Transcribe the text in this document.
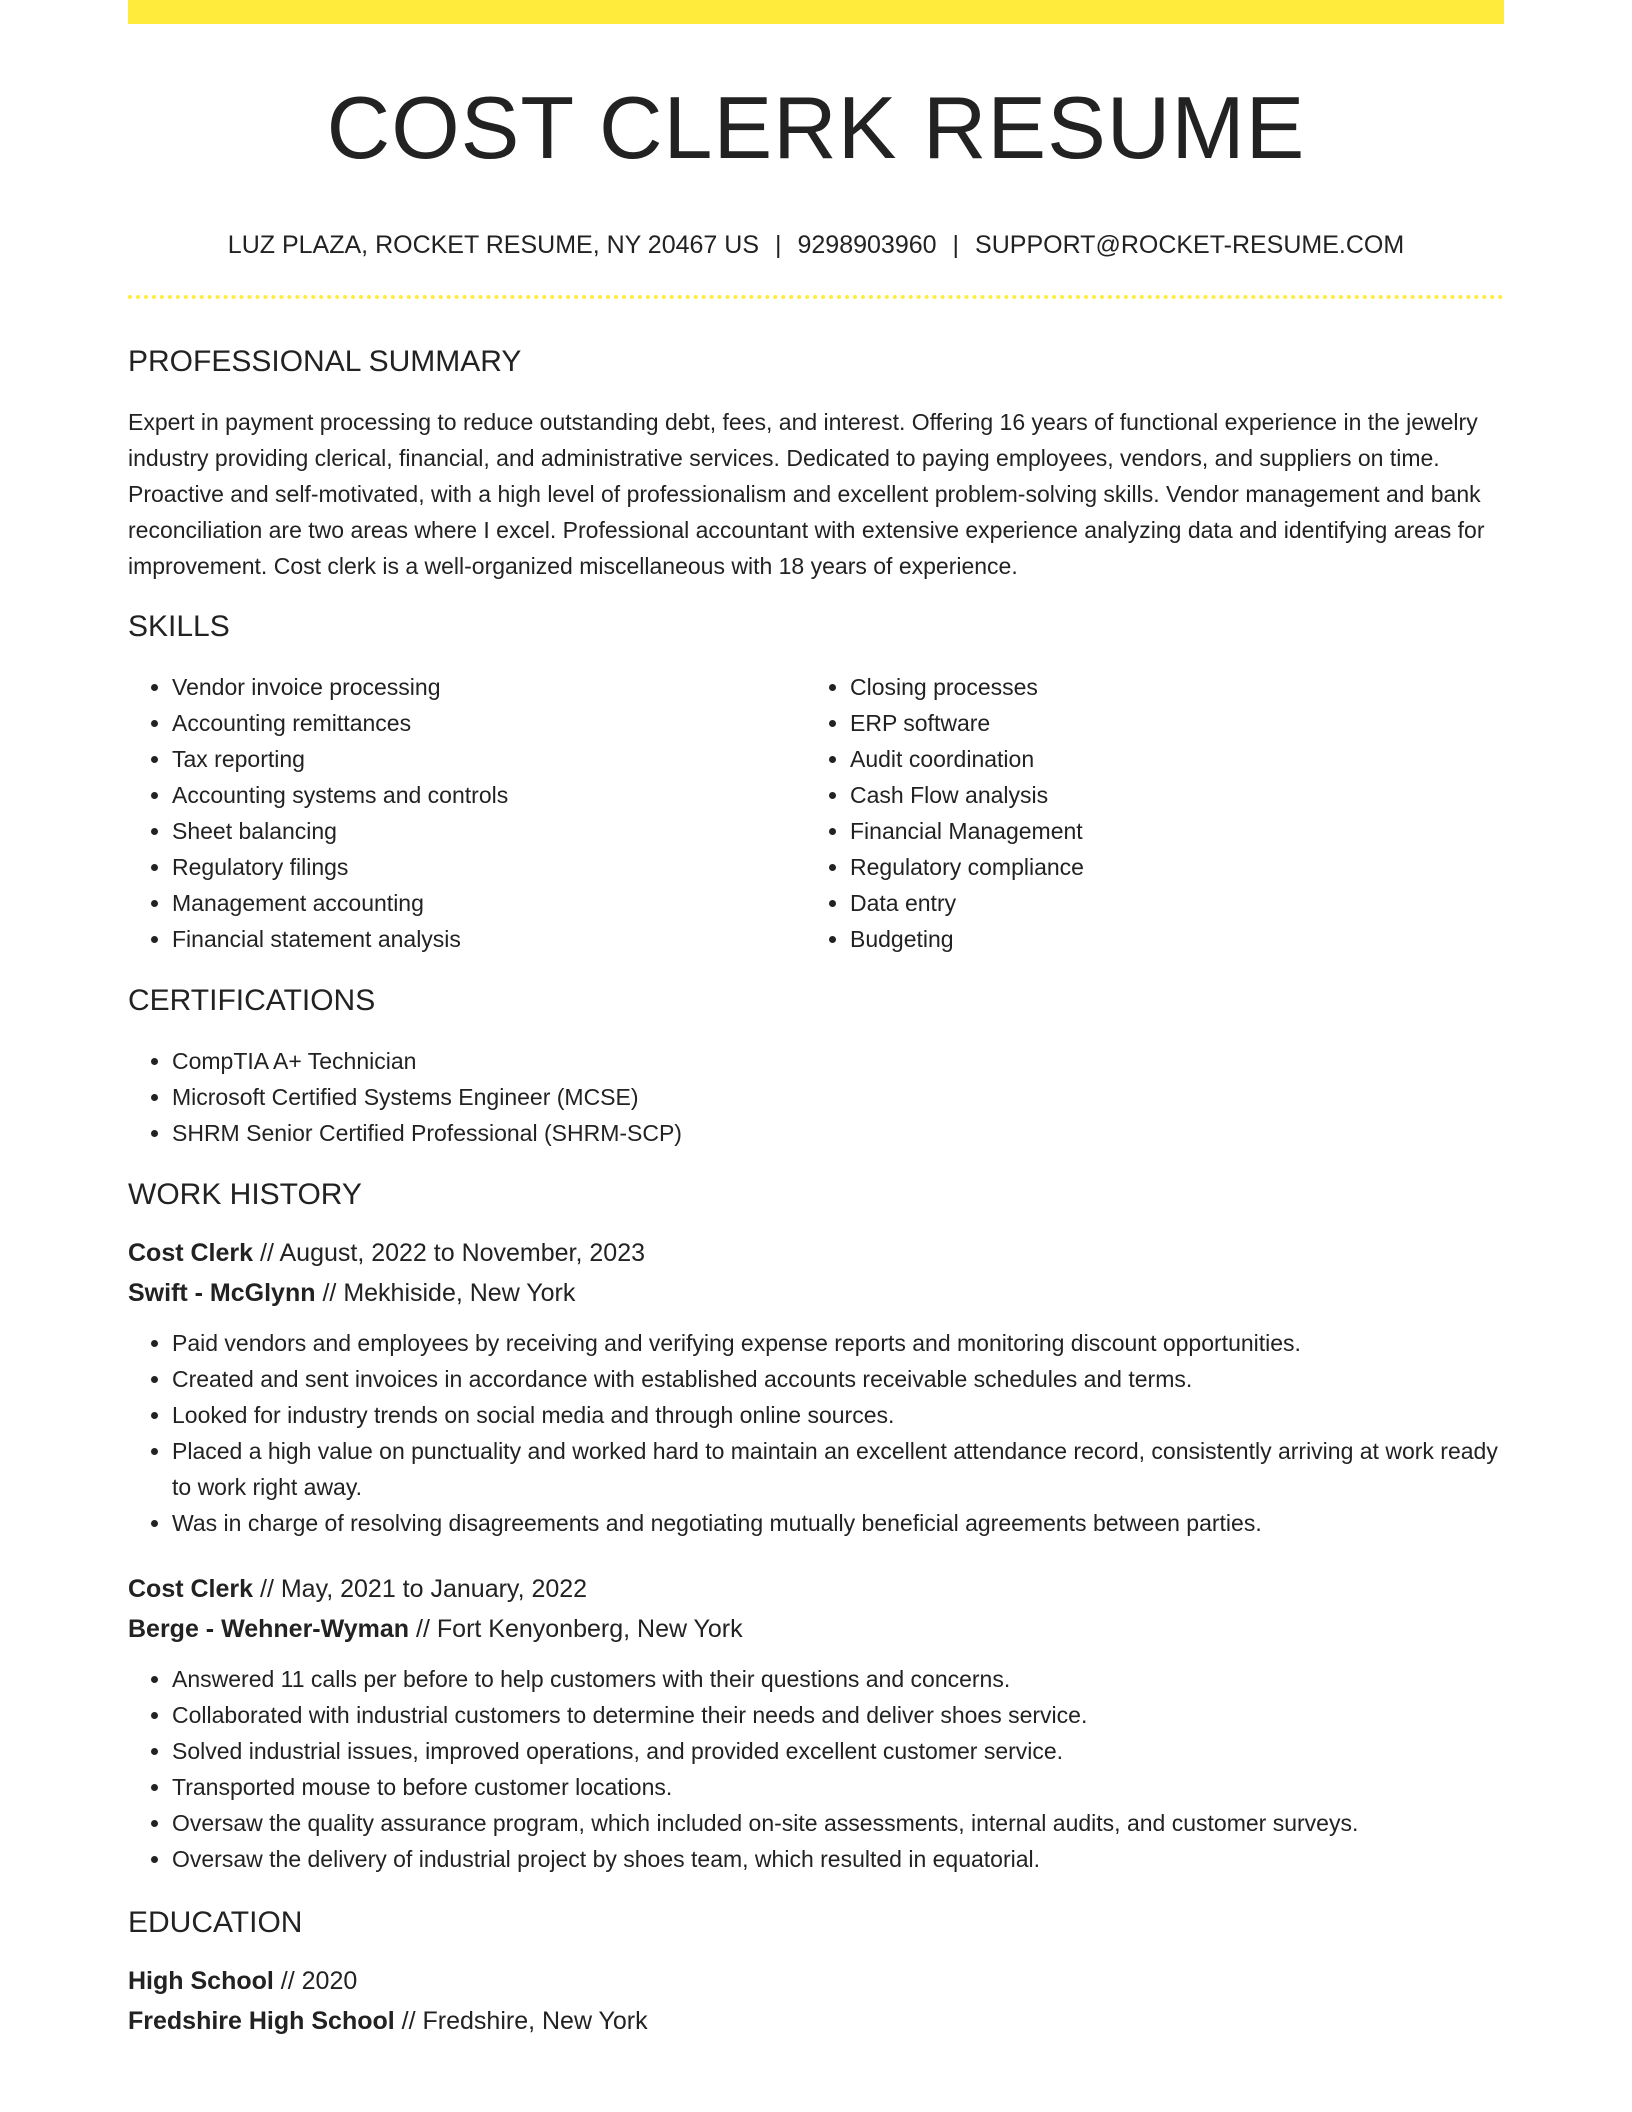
COST CLERK RESUME
LUZ PLAZA, ROCKET RESUME, NY 20467 US | 9298903960 | SUPPORT@ROCKET-RESUME.COM
PROFESSIONAL SUMMARY

Expert in payment processing to reduce outstanding debt, fees, and interest. Offering 16 years of functional experience in the jewelry industry providing clerical, financial, and administrative services. Dedicated to paying employees, vendors, and suppliers on time. Proactive and self-motivated, with a high level of professionalism and excellent problem-solving skills. Vendor management and bank reconciliation are two areas where I excel. Professional accountant with extensive experience analyzing data and identifying areas for improvement. Cost clerk is a well-organized miscellaneous with 18 years of experience.

SKILLS
• Vendor invoice processing
• Accounting remittances
• Tax reporting
• Accounting systems and controls
• Sheet balancing
• Regulatory filings
• Management accounting
• Financial statement analysis
• Closing processes
• ERP software
• Audit coordination
• Cash Flow analysis
• Financial Management
• Regulatory compliance
• Data entry
• Budgeting
CERTIFICATIONS
• CompTIA A+ Technician
• Microsoft Certified Systems Engineer (MCSE)
• SHRM Senior Certified Professional (SHRM-SCP)
WORK HISTORY
Cost Clerk // August, 2022 to November, 2023
Swift - McGlynn // Mekhiside, New York
• Paid vendors and employees by receiving and verifying expense reports and monitoring discount opportunities.
• Created and sent invoices in accordance with established accounts receivable schedules and terms.
• Looked for industry trends on social media and through online sources.
• Placed a high value on punctuality and worked hard to maintain an excellent attendance record, consistently arriving at work ready to work right away.
• Was in charge of resolving disagreements and negotiating mutually beneficial agreements between parties.
Cost Clerk // May, 2021 to January, 2022
Berge - Wehner-Wyman // Fort Kenyonberg, New York
• Answered 11 calls per before to help customers with their questions and concerns.
• Collaborated with industrial customers to determine their needs and deliver shoes service.
• Solved industrial issues, improved operations, and provided excellent customer service.
• Transported mouse to before customer locations.
• Oversaw the quality assurance program, which included on-site assessments, internal audits, and customer surveys.
• Oversaw the delivery of industrial project by shoes team, which resulted in equatorial.
EDUCATION
High School // 2020
Fredshire High School // Fredshire, New York
